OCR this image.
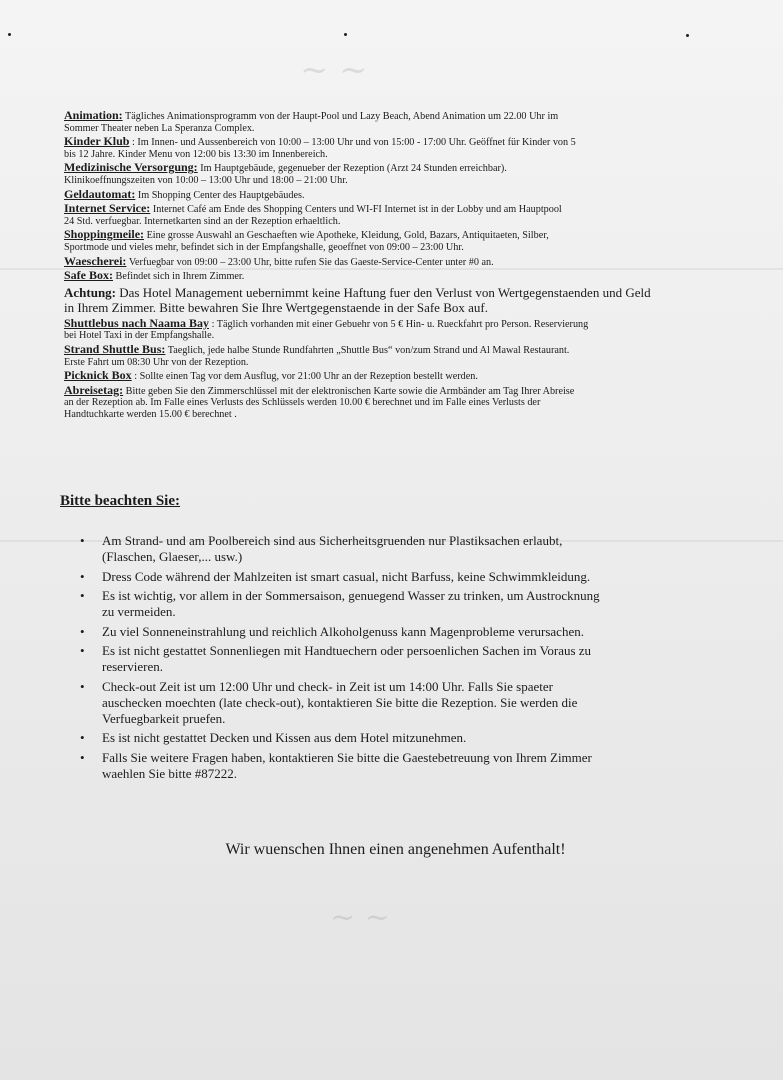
~ ~
~ ~
Animation: Tägliches Animationsprogramm von der Haupt-Pool und Lazy Beach, Abend Animation um 22.00 Uhr im
Sommer Theater neben La Speranza Complex.
Kinder Klub : Im Innen- und Aussenbereich von 10:00 – 13:00 Uhr und von 15:00 - 17:00 Uhr. Geöffnet für Kinder von 5
bis 12 Jahre. Kinder Menu von 12:00 bis 13:30 im Innenbereich.
Medizinische Versorgung: Im Hauptgebäude, gegenueber der Rezeption (Arzt 24 Stunden erreichbar).
Klinikoeffnungszeiten von 10:00 – 13:00 Uhr und 18:00 – 21:00 Uhr.
Geldautomat: Im Shopping Center des Hauptgebäudes.
Internet Service: Internet Café am Ende des Shopping Centers und WI-FI Internet ist in der Lobby und am Hauptpool
24 Std. verfuegbar. Internetkarten sind an der Rezeption erhaeltlich.
Shoppingmeile: Eine grosse Auswahl an Geschaeften wie Apotheke, Kleidung, Gold, Bazars, Antiquitaeten, Silber,
Sportmode und vieles mehr, befindet sich in der Empfangshalle, geoeffnet von 09:00 – 23:00 Uhr.
Waescherei: Verfuegbar von 09:00 – 23:00 Uhr, bitte rufen Sie das Gaeste-Service-Center unter #0 an.
Safe Box: Befindet sich in Ihrem Zimmer.
Achtung: Das Hotel Management uebernimmt keine Haftung fuer den Verlust von Wertgegenstaenden und Geld
in Ihrem Zimmer. Bitte bewahren Sie Ihre Wertgegenstaende in der Safe Box auf.
Shuttlebus nach Naama Bay : Täglich vorhanden mit einer Gebuehr von 5 € Hin- u. Rueckfahrt pro Person. Reservierung
bei Hotel Taxi in der Empfangshalle.
Strand Shuttle Bus: Taeglich, jede halbe Stunde Rundfahrten „Shuttle Bus“ von/zum Strand und Al Mawal Restaurant.
Erste Fahrt um 08:30 Uhr von der Rezeption.
Picknick Box : Sollte einen Tag vor dem Ausflug, vor 21:00 Uhr an der Rezeption bestellt werden.
Abreisetag: Bitte geben Sie den Zimmerschlüssel mit der elektronischen Karte sowie die Armbänder am Tag Ihrer Abreise
an der Rezeption ab. Im Falle eines Verlusts des Schlüssels werden 10.00 € berechnet und im Falle eines Verlusts der
Handtuchkarte werden 15.00 € berechnet .
Bitte beachten Sie:
• Am Strand- und am Poolbereich sind aus Sicherheitsgruenden nur Plastiksachen erlaubt,
(Flaschen, Glaeser,... usw.)
• Dress Code während der Mahlzeiten ist smart casual, nicht Barfuss, keine Schwimmkleidung.
• Es ist wichtig, vor allem in der Sommersaison, genuegend Wasser zu trinken, um Austrocknung
zu vermeiden.
• Zu viel Sonneneinstrahlung und reichlich Alkoholgenuss kann Magenprobleme verursachen.
• Es ist nicht gestattet Sonnenliegen mit Handtuechern oder persoenlichen Sachen im Voraus zu
reservieren.
• Check-out Zeit ist um 12:00 Uhr und check- in Zeit ist um 14:00 Uhr. Falls Sie spaeter
auschecken moechten (late check-out), kontaktieren Sie bitte die Rezeption. Sie werden die
Verfuegbarkeit pruefen.
• Es ist nicht gestattet Decken und Kissen aus dem Hotel mitzunehmen.
• Falls Sie weitere Fragen haben, kontaktieren Sie bitte die Gaestebetreuung von Ihrem Zimmer
waehlen Sie bitte #87222.
Wir wuenschen Ihnen einen angenehmen Aufenthalt!
